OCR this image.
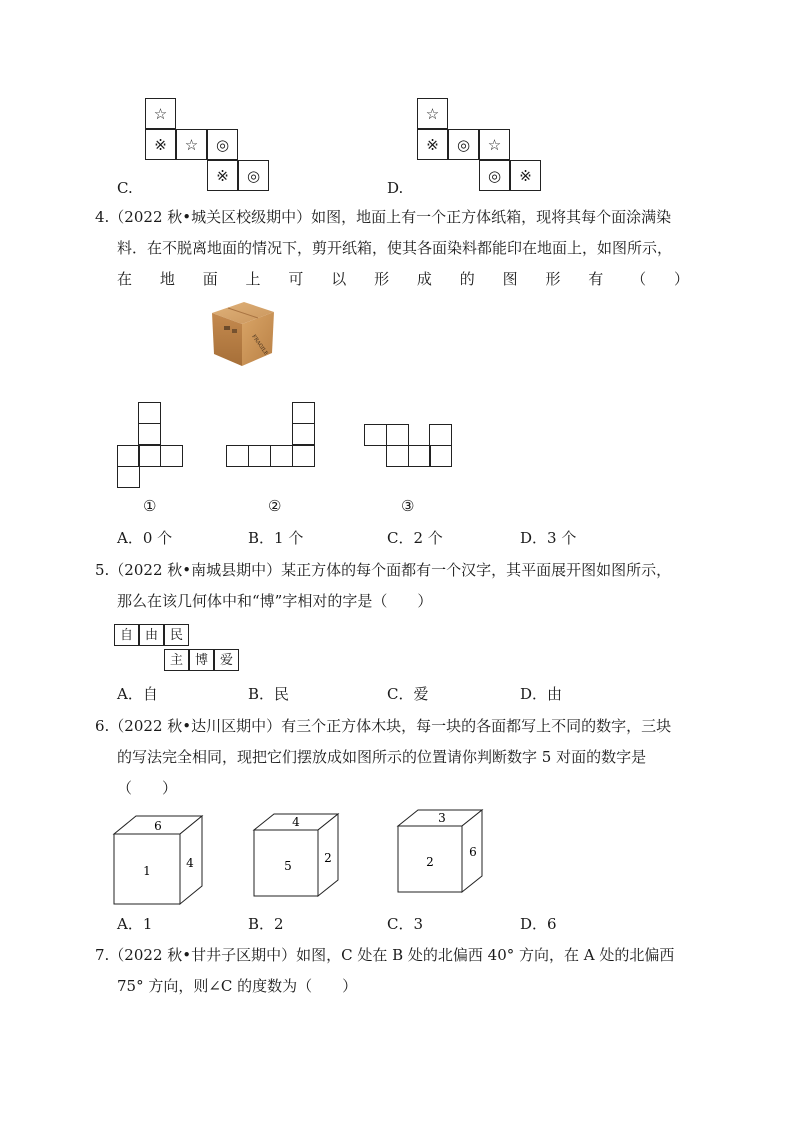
☆
※	☆	◎
※	◎
C.
☆
※	◎	☆
◎	※
D.
4.（2022 秋•城关区校级期中）如图，地面上有一个正方体纸箱，现将其每个面涂满染
料．在不脱离地面的情况下，剪开纸箱，使其各面染料都能印在地面上，如图所示，
在 地 面 上 可 以 形 成 的 图 形 有 （ ）
FRAGILE
①	②	③
A．0 个	B．1 个	C．2 个	D．3 个
5.（2022 秋•南城县期中）某正方体的每个面都有一个汉字，其平面展开图如图所示，
那么在该几何体中和“博”字相对的字是（　　）
自 由 民
主 博 爱
A．自	B．民	C．爱	D．由
6.（2022 秋•达川区期中）有三个正方体木块，每一块的各面都写上不同的数字，三块
的写法完全相同，现把它们摆放成如图所示的位置请你判断数字 5 对面的数字是
（　　）
6
1
4
4
5
2
3
2
6
A．1	B．2	C．3	D．6
7.（2022 秋•甘井子区期中）如图，C 处在 B 处的北偏西 40° 方向，在 A 处的北偏西
75° 方向，则∠C 的度数为（　　）
